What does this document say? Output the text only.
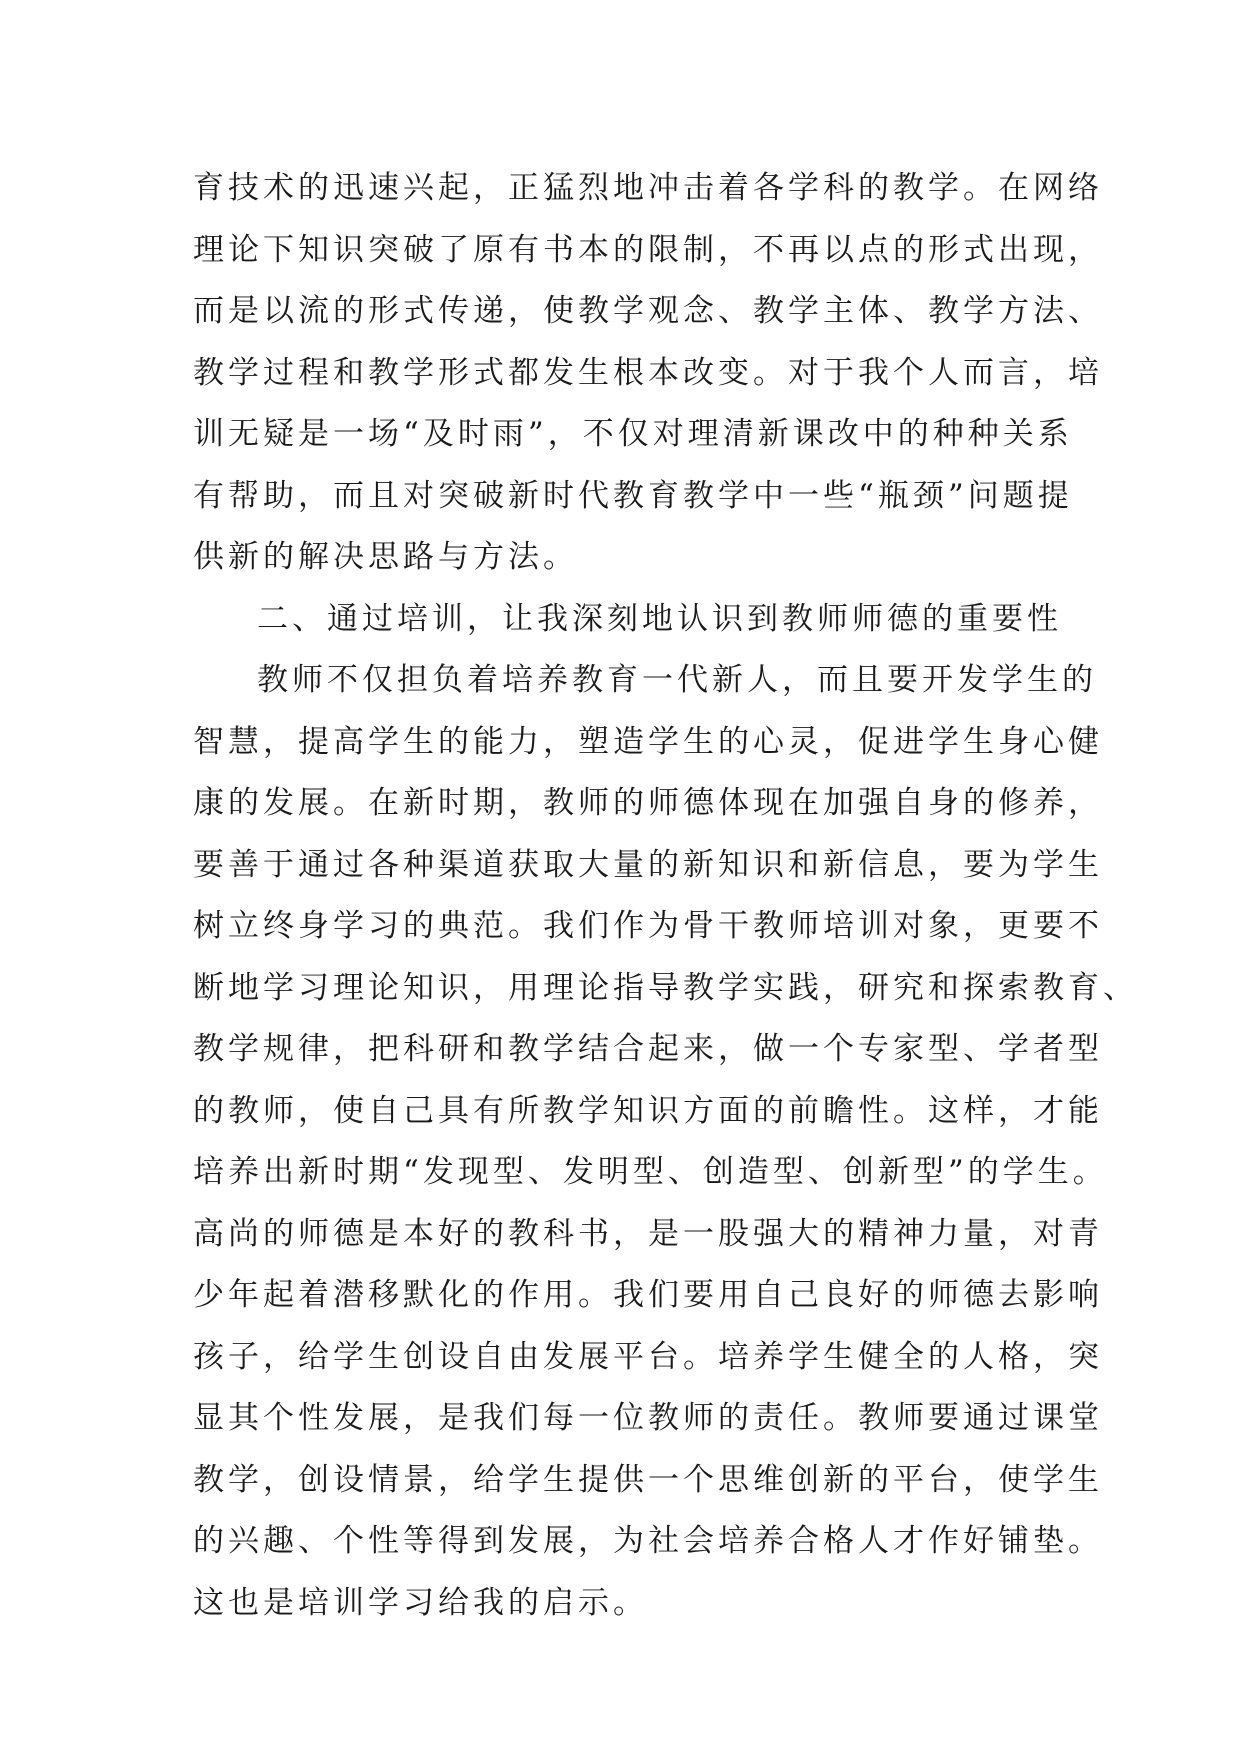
育技术的迅速兴起，正猛烈地冲击着各学科的教学。在网络
理论下知识突破了原有书本的限制，不再以点的形式出现，
而是以流的形式传递，使教学观念、教学主体、教学方法、
教学过程和教学形式都发生根本改变。对于我个人而言，培
训无疑是一场“及时雨”，不仅对理清新课改中的种种关系
有帮助，而且对突破新时代教育教学中一些“瓶颈”问题提
供新的解决思路与方法。
二、通过培训，让我深刻地认识到教师师德的重要性
教师不仅担负着培养教育一代新人，而且要开发学生的
智慧，提高学生的能力，塑造学生的心灵，促进学生身心健
康的发展。在新时期，教师的师德体现在加强自身的修养，
要善于通过各种渠道获取大量的新知识和新信息，要为学生
树立终身学习的典范。我们作为骨干教师培训对象，更要不
断地学习理论知识，用理论指导教学实践，研究和探索教育、
教学规律，把科研和教学结合起来，做一个专家型、学者型
的教师，使自己具有所教学知识方面的前瞻性。这样，才能
培养出新时期“发现型、发明型、创造型、创新型”的学生。
高尚的师德是本好的教科书，是一股强大的精神力量，对青
少年起着潜移默化的作用。我们要用自己良好的师德去影响
孩子，给学生创设自由发展平台。培养学生健全的人格，突
显其个性发展，是我们每一位教师的责任。教师要通过课堂
教学，创设情景，给学生提供一个思维创新的平台，使学生
的兴趣、个性等得到发展，为社会培养合格人才作好铺垫。
这也是培训学习给我的启示。
